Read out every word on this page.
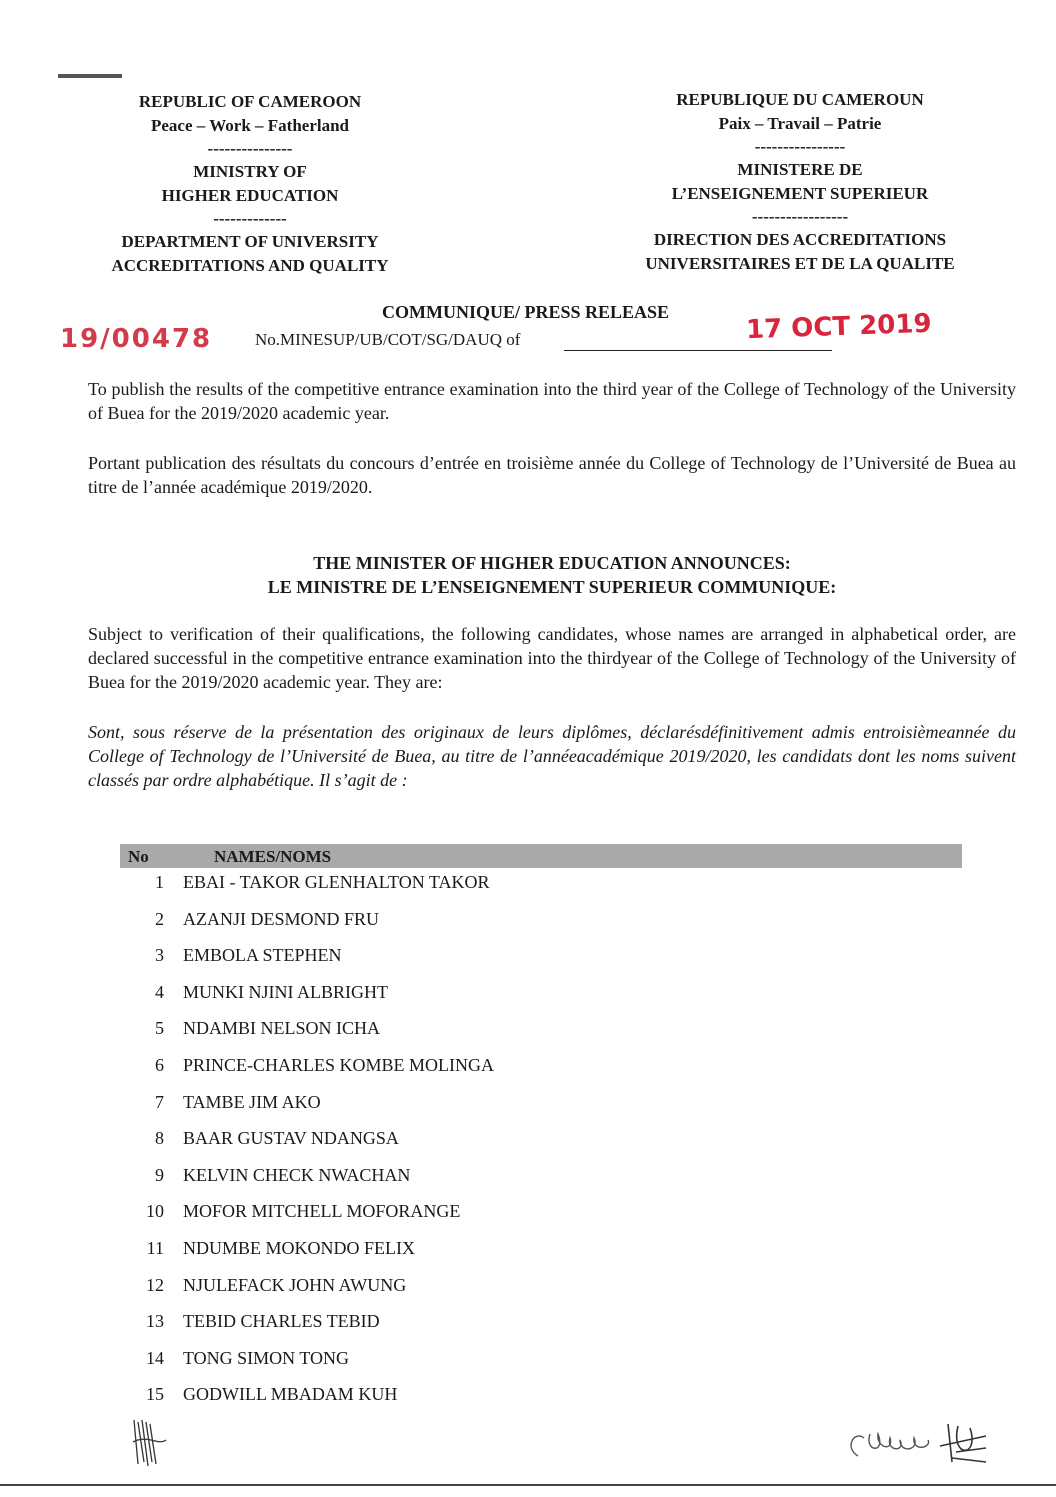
REPUBLIC OF CAMEROON
Peace – Work – Fatherland
---------------
MINISTRY OF
HIGHER EDUCATION
-------------
DEPARTMENT OF UNIVERSITY
ACCREDITATIONS AND QUALITY
REPUBLIQUE DU CAMEROUN
Paix – Travail – Patrie
----------------
MINISTERE DE
L’ENSEIGNEMENT SUPERIEUR
-----------------
DIRECTION DES ACCREDITATIONS
UNIVERSITAIRES ET DE LA QUALITE
COMMUNIQUE/ PRESS RELEASE
19/00478	No.MINESUP/UB/COT/SG/DAUQ of	17 OCT 2019
To publish the results of the competitive entrance examination into the third year of the College of Technology of the University of Buea for the 2019/2020 academic year.
Portant publication des résultats du concours d’entrée en troisième année du College of Technology de l’Université de Buea au titre de l’année académique 2019/2020.
THE MINISTER OF HIGHER EDUCATION ANNOUNCES:
LE MINISTRE DE L’ENSEIGNEMENT SUPERIEUR COMMUNIQUE:
Subject to verification of their qualifications, the following candidates, whose names are arranged in alphabetical order, are declared successful in the competitive entrance examination into the thirdyear of the College of Technology of the University of Buea for the 2019/2020 academic year. They are:
Sont, sous réserve de la présentation des originaux de leurs diplômes, déclarésdéfinitivement admis entroisièmeannée du College of Technology de l’Université de Buea, au titre de l’annéeacadémique 2019/2020, les candidats dont les noms suivent classés par ordre alphabétique. Il s’agit de :
No	NAMES/NOMS
1 EBAI - TAKOR GLENHALTON TAKOR
2 AZANJI DESMOND FRU
3 EMBOLA STEPHEN
4 MUNKI NJINI ALBRIGHT
5 NDAMBI NELSON ICHA
6 PRINCE-CHARLES KOMBE MOLINGA
7 TAMBE JIM AKO
8 BAAR GUSTAV NDANGSA
9 KELVIN CHECK NWACHAN
10 MOFOR MITCHELL MOFORANGE
11 NDUMBE MOKONDO FELIX
12 NJULEFACK JOHN AWUNG
13 TEBID CHARLES TEBID
14 TONG SIMON TONG
15 GODWILL MBADAM KUH
